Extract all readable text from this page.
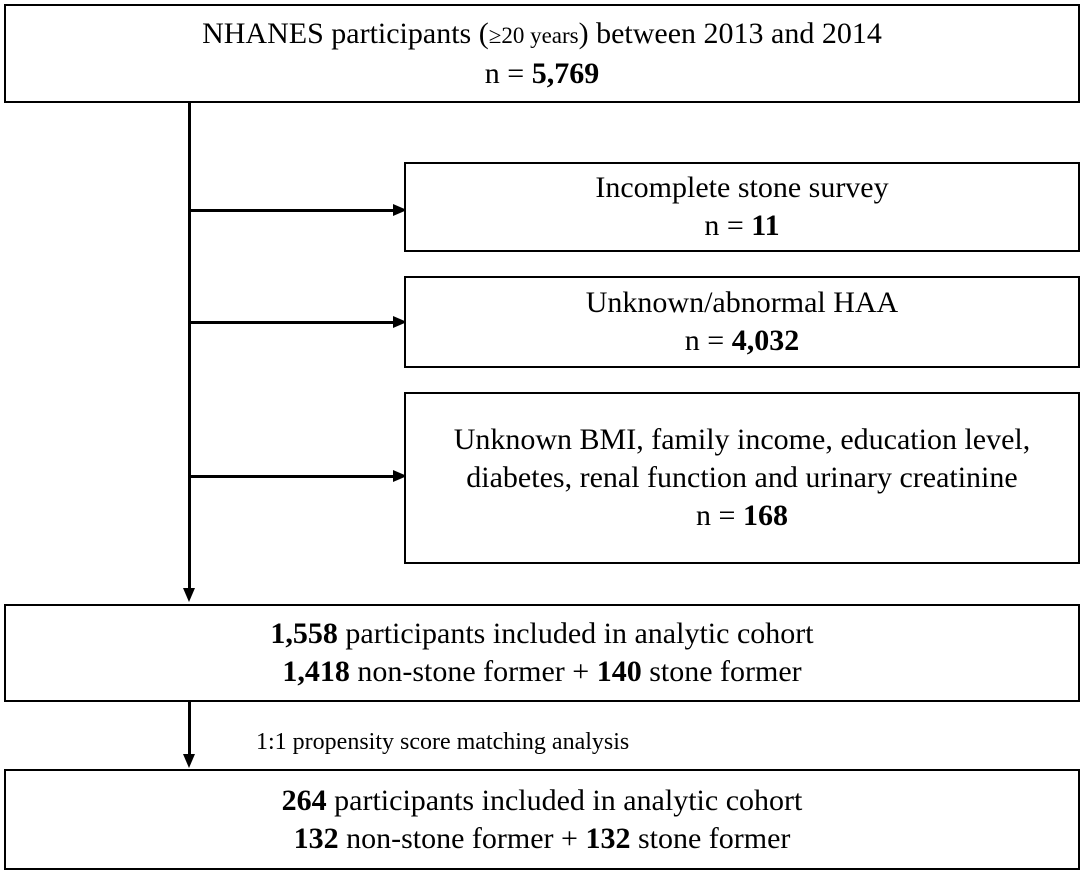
NHANES participants (≥20 years) between 2013 and 2014
n = 5,769
Incomplete stone survey
n = 11
Unknown/abnormal HAA
n = 4,032
Unknown BMI, family income, education level,
diabetes, renal function and urinary creatinine
n = 168
1,558 participants included in analytic cohort
1,418 non-stone former + 140 stone former
1:1 propensity score matching analysis
264 participants included in analytic cohort
132 non-stone former + 132 stone former
